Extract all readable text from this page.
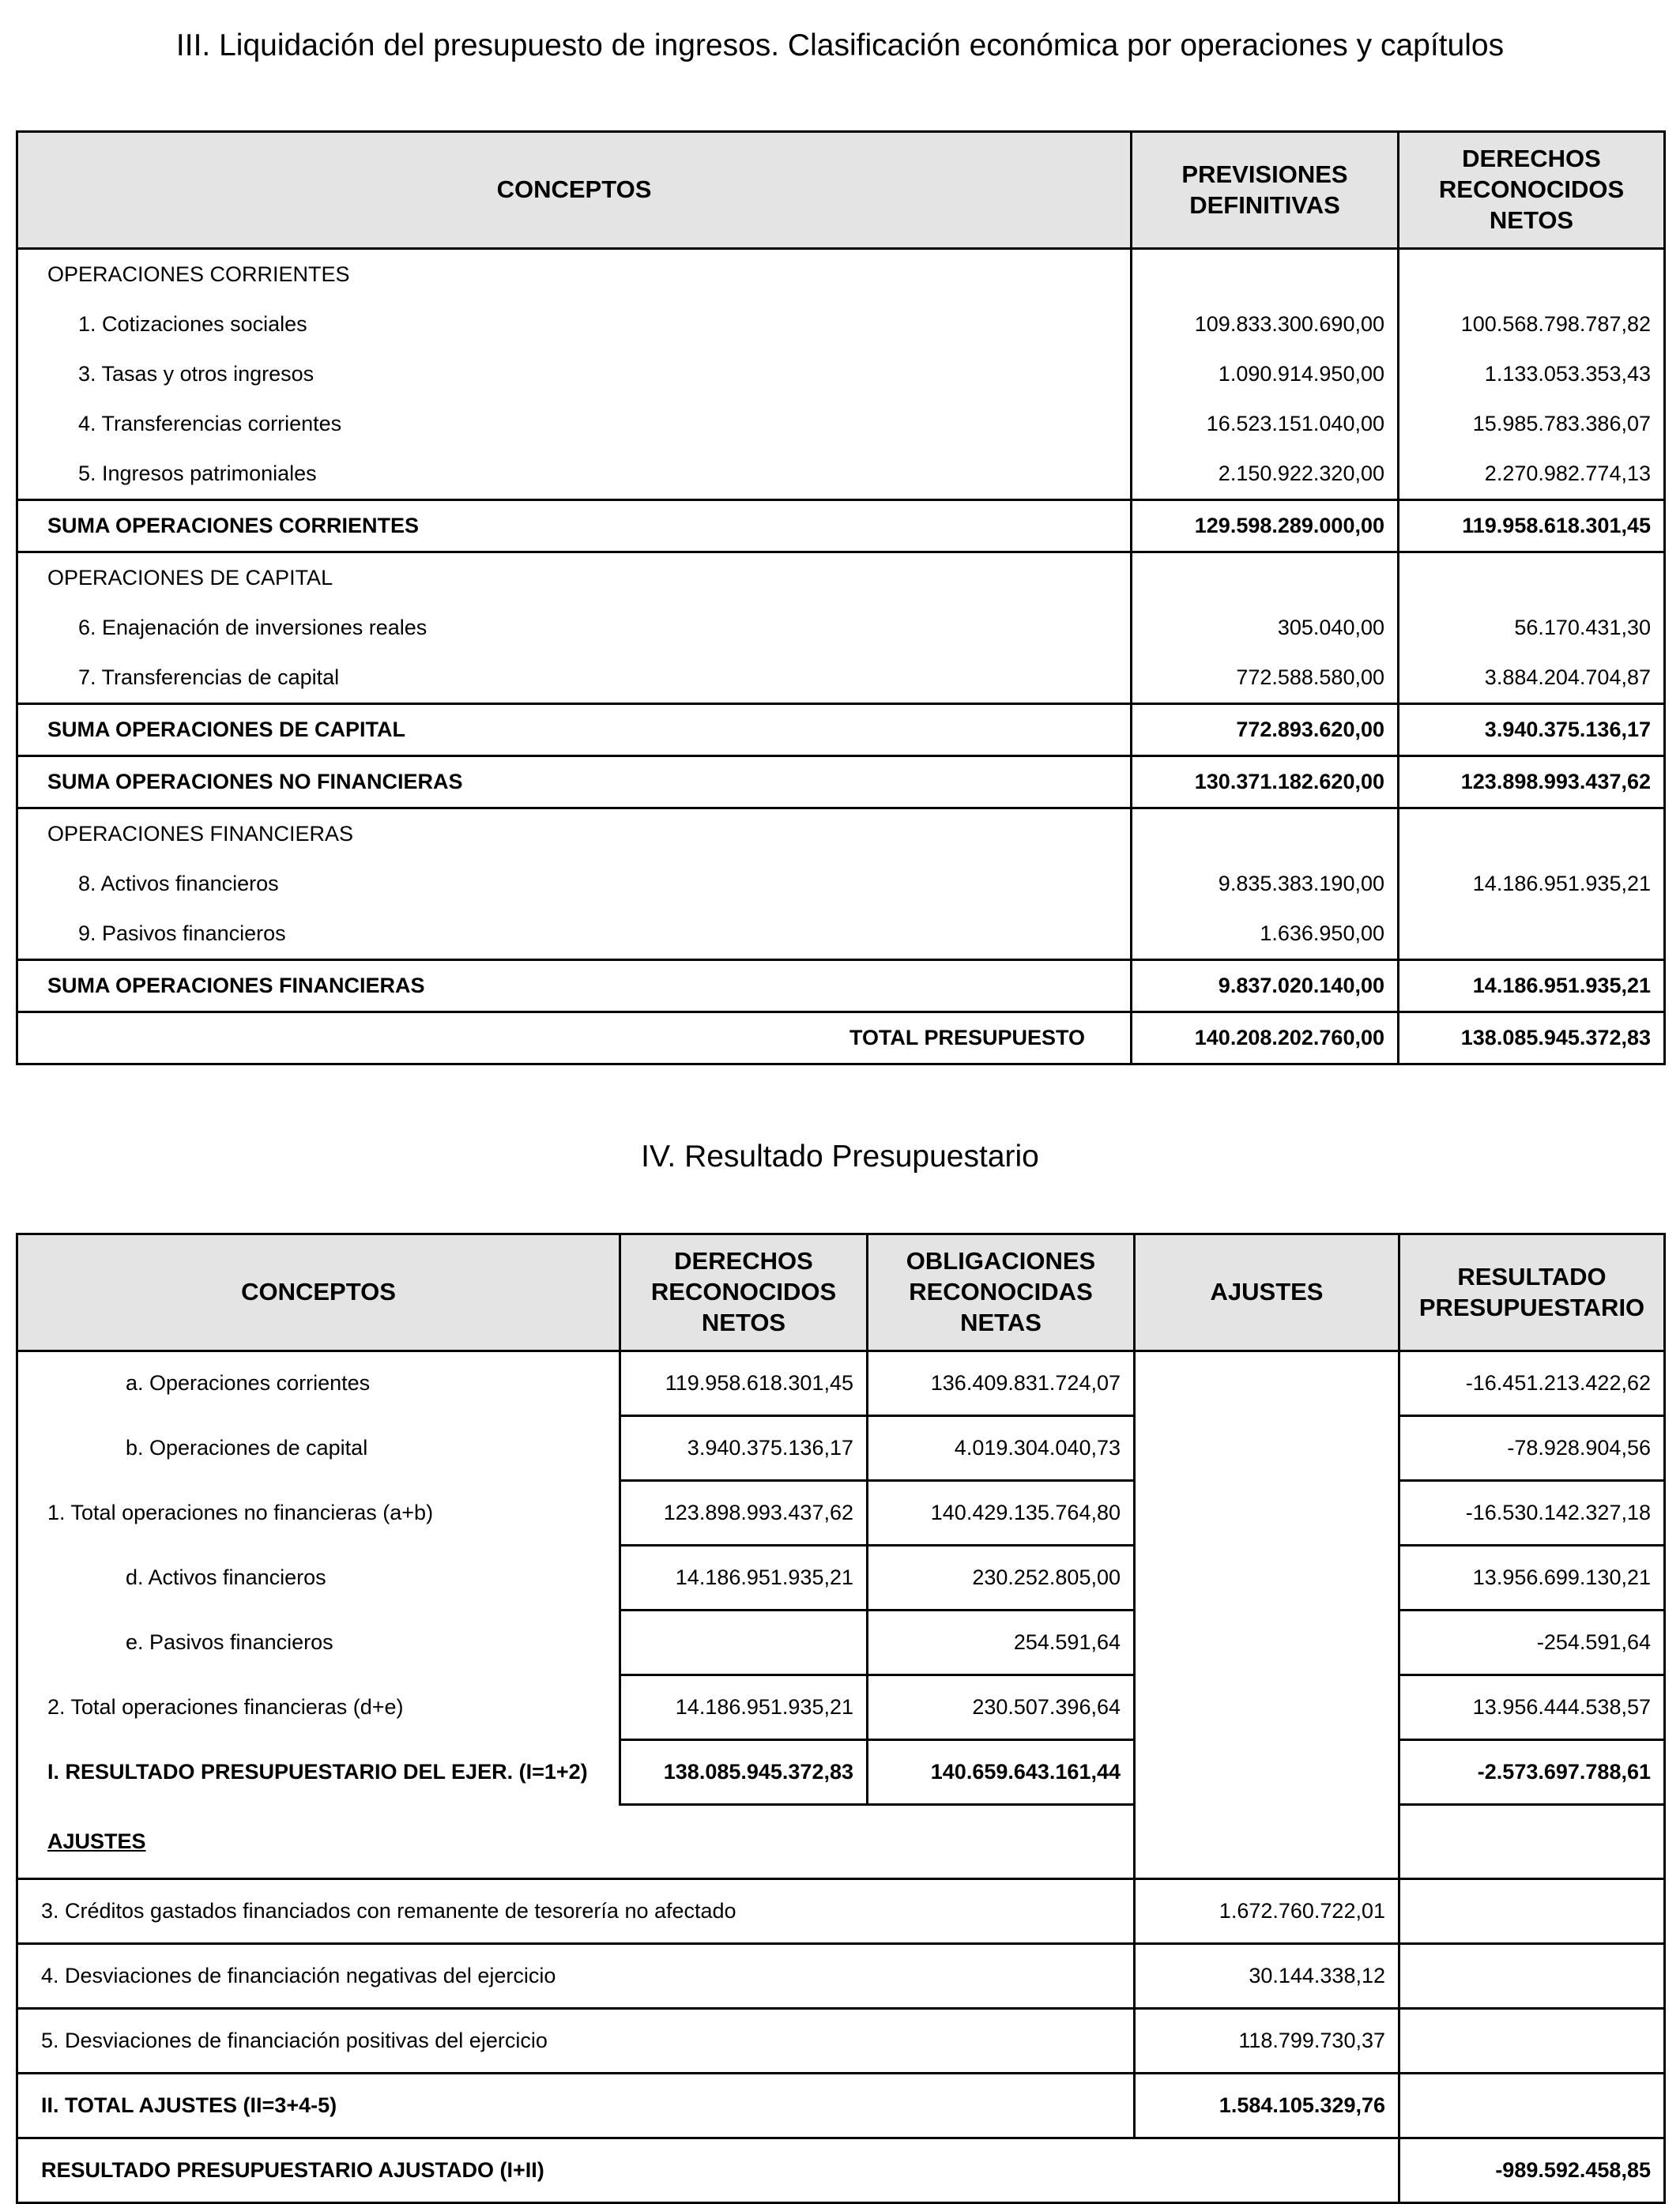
III. Liquidación del presupuesto de ingresos. Clasificación económica por operaciones y capítulos
CONCEPTOS	PREVISIONES DEFINITIVAS	DERECHOS RECONOCIDOS NETOS
OPERACIONES CORRIENTES		
1. Cotizaciones sociales	109.833.300.690,00	100.568.798.787,82
3. Tasas y otros ingresos	1.090.914.950,00	1.133.053.353,43
4. Transferencias corrientes	16.523.151.040,00	15.985.783.386,07
5. Ingresos patrimoniales	2.150.922.320,00	2.270.982.774,13
SUMA OPERACIONES CORRIENTES	129.598.289.000,00	119.958.618.301,45
OPERACIONES DE CAPITAL		
6. Enajenación de inversiones reales	305.040,00	56.170.431,30
7. Transferencias de capital	772.588.580,00	3.884.204.704,87
SUMA OPERACIONES DE CAPITAL	772.893.620,00	3.940.375.136,17
SUMA OPERACIONES NO FINANCIERAS	130.371.182.620,00	123.898.993.437,62
OPERACIONES FINANCIERAS		
8. Activos financieros	9.835.383.190,00	14.186.951.935,21
9. Pasivos financieros	1.636.950,00	
SUMA OPERACIONES FINANCIERAS	9.837.020.140,00	14.186.951.935,21
TOTAL PRESUPUESTO	140.208.202.760,00	138.085.945.372,83
IV. Resultado Presupuestario
CONCEPTOS	DERECHOS RECONOCIDOS NETOS	OBLIGACIONES RECONOCIDAS NETAS	AJUSTES	RESULTADO PRESUPUESTARIO
a. Operaciones corrientes	119.958.618.301,45	136.409.831.724,07		-16.451.213.422,62
b. Operaciones de capital	3.940.375.136,17	4.019.304.040,73		-78.928.904,56
1. Total operaciones no financieras (a+b)	123.898.993.437,62	140.429.135.764,80		-16.530.142.327,18
d. Activos financieros	14.186.951.935,21	230.252.805,00		13.956.699.130,21
e. Pasivos financieros		254.591,64		-254.591,64
2. Total operaciones financieras (d+e)	14.186.951.935,21	230.507.396,64		13.956.444.538,57
I. RESULTADO PRESUPUESTARIO DEL EJER. (I=1+2)	138.085.945.372,83	140.659.643.161,44		-2.573.697.788,61
AJUSTES				
3. Créditos gastados financiados con remanente de tesorería no afectado			1.672.760.722,01	
4. Desviaciones de financiación negativas del ejercicio			30.144.338,12	
5. Desviaciones de financiación positivas del ejercicio			118.799.730,37	
II. TOTAL AJUSTES (II=3+4-5)			1.584.105.329,76	
RESULTADO PRESUPUESTARIO AJUSTADO (I+II)				-989.592.458,85
